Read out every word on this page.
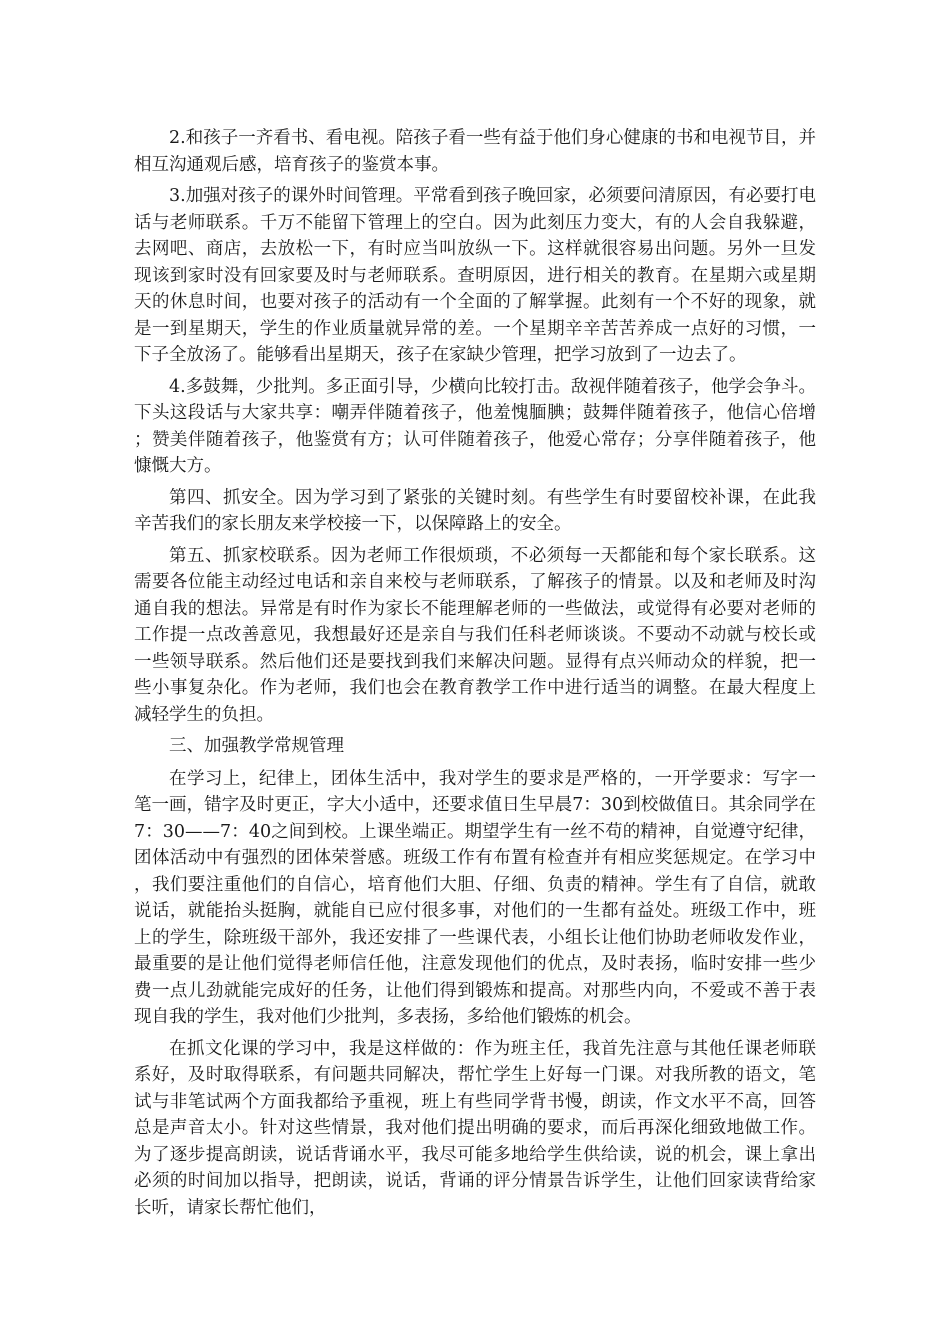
2.和孩子一齐看书、看电视。陪孩子看一些有益于他们身心健康的书和电视节目，并相互沟通观后感，培育孩子的鉴赏本事。

3.加强对孩子的课外时间管理。平常看到孩子晚回家，必须要问清原因，有必要打电话与老师联系。千万不能留下管理上的空白。因为此刻压力变大，有的人会自我躲避，去网吧、商店，去放松一下，有时应当叫放纵一下。这样就很容易出问题。另外一旦发现该到家时没有回家要及时与老师联系。查明原因，进行相关的教育。在星期六或星期天的休息时间，也要对孩子的活动有一个全面的了解掌握。此刻有一个不好的现象，就是一到星期天，学生的作业质量就异常的差。一个星期辛辛苦苦养成一点好的习惯，一下子全放汤了。能够看出星期天，孩子在家缺少管理，把学习放到了一边去了。

4.多鼓舞，少批判。多正面引导，少横向比较打击。敌视伴随着孩子，他学会争斗。下头这段话与大家共享：嘲弄伴随着孩子，他羞愧腼腆；鼓舞伴随着孩子，他信心倍增；赞美伴随着孩子，他鉴赏有方；认可伴随着孩子，他爱心常存；分享伴随着孩子，他慷慨大方。

第四、抓安全。因为学习到了紧张的关键时刻。有些学生有时要留校补课，在此我辛苦我们的家长朋友来学校接一下，以保障路上的安全。

第五、抓家校联系。因为老师工作很烦琐，不必须每一天都能和每个家长联系。这需要各位能主动经过电话和亲自来校与老师联系，了解孩子的情景。以及和老师及时沟通自我的想法。异常是有时作为家长不能理解老师的一些做法，或觉得有必要对老师的工作提一点改善意见，我想最好还是亲自与我们任科老师谈谈。不要动不动就与校长或一些领导联系。然后他们还是要找到我们来解决问题。显得有点兴师动众的样貌，把一些小事复杂化。作为老师，我们也会在教育教学工作中进行适当的调整。在最大程度上减轻学生的负担。

三、加强教学常规管理

在学习上，纪律上，团体生活中，我对学生的要求是严格的，一开学要求：写字一笔一画，错字及时更正，字大小适中，还要求值日生早晨7：30到校做值日。其余同学在7：30——7：40之间到校。上课坐端正。期望学生有一丝不苟的精神，自觉遵守纪律，团体活动中有强烈的团体荣誉感。班级工作有布置有检查并有相应奖惩规定。在学习中，我们要注重他们的自信心，培育他们大胆、仔细、负责的精神。学生有了自信，就敢说话，就能抬头挺胸，就能自已应付很多事，对他们的一生都有益处。班级工作中，班上的学生，除班级干部外，我还安排了一些课代表，小组长让他们协助老师收发作业，最重要的是让他们觉得老师信任他，注意发现他们的优点，及时表扬，临时安排一些少费一点儿劲就能完成好的任务，让他们得到锻炼和提高。对那些内向，不爱或不善于表现自我的学生，我对他们少批判，多表扬，多给他们锻炼的机会。

在抓文化课的学习中，我是这样做的：作为班主任，我首先注意与其他任课老师联系好，及时取得联系，有问题共同解决，帮忙学生上好每一门课。对我所教的语文，笔试与非笔试两个方面我都给予重视，班上有些同学背书慢，朗读，作文水平不高，回答总是声音太小。针对这些情景，我对他们提出明确的要求，而后再深化细致地做工作。为了逐步提高朗读，说话背诵水平，我尽可能多地给学生供给读，说的机会，课上拿出必须的时间加以指导，把朗读，说话，背诵的评分情景告诉学生，让他们回家读背给家长听，请家长帮忙他们，
